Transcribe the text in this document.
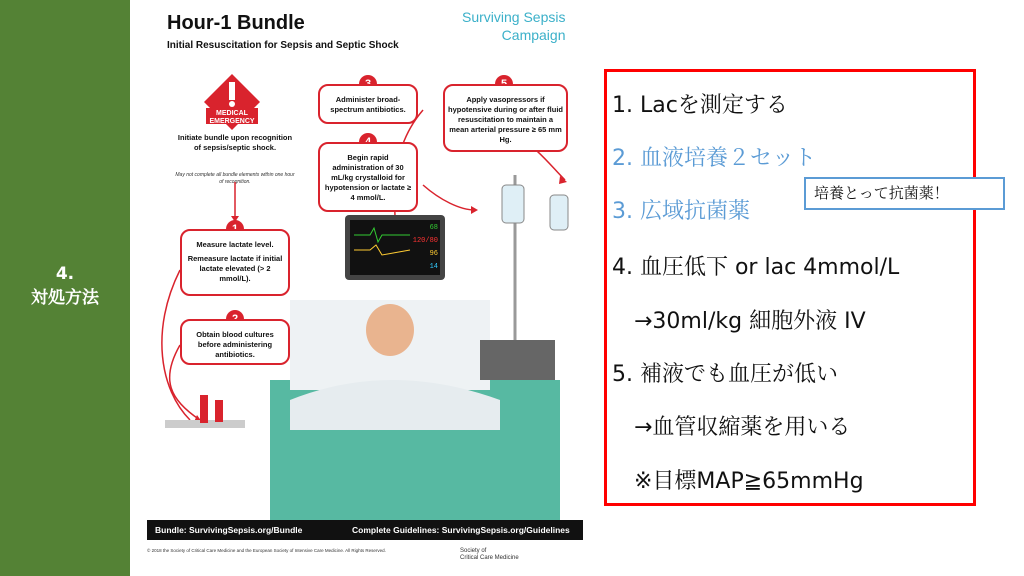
4.
対処方法
Hour-1 Bundle
Initial Resuscitation for Sepsis and Septic Shock
Surviving Sepsis
Campaign
MEDICAL
EMERGENCY
Initiate bundle upon recognition of sepsis/septic shock.
May not complete all bundle elements within one hour of recognition.
68
120/80
96
14
Measure lactate level.
Remeasure lactate if initial lactate elevated (> 2 mmol/L).
Obtain blood cultures before administering antibiotics.
Administer broad-spectrum antibiotics.
Begin rapid administration of 30 mL/kg crystalloid for hypotension or lactate ≥ 4 mmol/L.
Apply vasopressors if hypotensive during or after fluid resuscitation to maintain a mean arterial pressure ≥ 65 mm Hg.
Bundle: SurvivingSepsis.org/Bundle	Complete Guidelines: SurvivingSepsis.org/Guidelines
© 2018 the Society of Critical Care Medicine and the European Society of Intensive Care Medicine. All Rights Reserved.	Society of
Critical Care Medicine
1. Lacを測定する
2. 血液培養２セット
3. 広域抗菌薬
4. 血圧低下 or lac 4mmol/L
　→30ml/kg 細胞外液 IV
5. 補液でも血圧が低い
　→血管収縮薬を用いる
　※目標MAP≧65mmHg
培養とって抗菌薬！
